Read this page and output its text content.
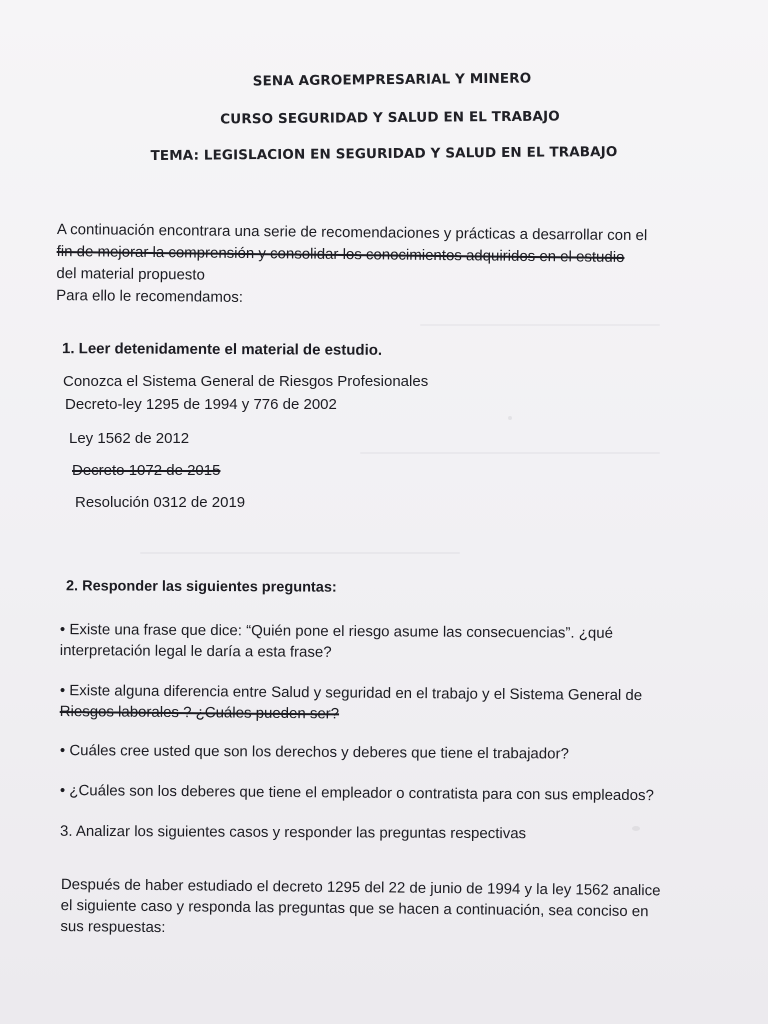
SENA AGROEMPRESARIAL Y MINERO
CURSO SEGURIDAD Y SALUD EN EL TRABAJO
TEMA: LEGISLACION EN SEGURIDAD Y SALUD EN EL TRABAJO

A continuación encontrara una serie de recomendaciones y prácticas a desarrollar con el

fin de mejorar la comprensión y consolidar los conocimientos adquiridos en el estudio

del material propuesto

Para ello le recomendamos:

1. Leer detenidamente el material de estudio.
Conozca el Sistema General de Riesgos Profesionales
Decreto-ley 1295 de 1994 y 776 de 2002
Ley 1562 de 2012
Decreto 1072 de 2015
Resolución 0312 de 2019
2. Responder las siguientes preguntas:
• Existe una frase que dice: “Quién pone el riesgo asume las consecuencias”. ¿qué
interpretación legal le daría a esta frase?
• Existe alguna diferencia entre Salud y seguridad en el trabajo y el Sistema General de
Riesgos laborales ? ¿Cuáles pueden ser?
• Cuáles cree usted que son los derechos y deberes que tiene el trabajador?
• ¿Cuáles son los deberes que tiene el empleador o contratista para con sus empleados?
3. Analizar los siguientes casos y responder las preguntas respectivas
Después de haber estudiado el decreto 1295 del 22 de junio de 1994 y la ley 1562 analice
el siguiente caso y responda las preguntas que se hacen a continuación, sea conciso en
sus respuestas:
